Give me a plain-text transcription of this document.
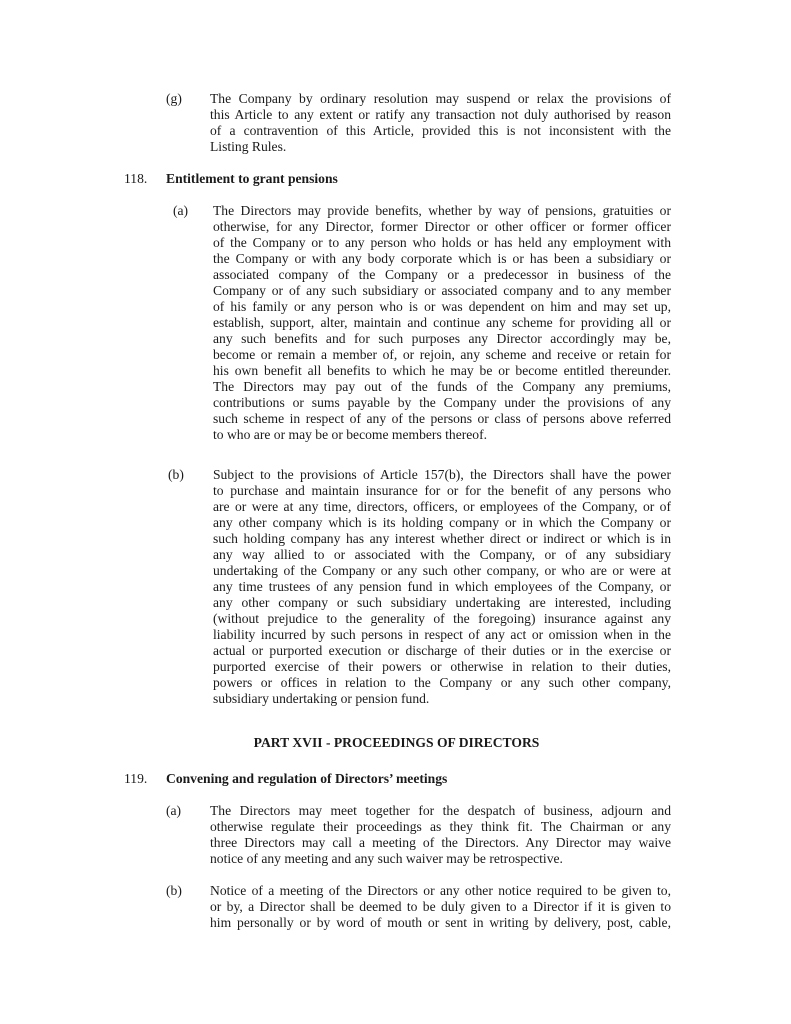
(g) The Company by ordinary resolution may suspend or relax the provisions of
this Article to any extent or ratify any transaction not duly authorised by reason
of a contravention of this Article, provided this is not inconsistent with the
Listing Rules.
118. Entitlement to grant pensions
(a) The Directors may provide benefits, whether by way of pensions, gratuities or
otherwise, for any Director, former Director or other officer or former officer
of the Company or to any person who holds or has held any employment with
the Company or with any body corporate which is or has been a subsidiary or
associated company of the Company or a predecessor in business of the
Company or of any such subsidiary or associated company and to any member
of his family or any person who is or was dependent on him and may set up,
establish, support, alter, maintain and continue any scheme for providing all or
any such benefits and for such purposes any Director accordingly may be,
become or remain a member of, or rejoin, any scheme and receive or retain for
his own benefit all benefits to which he may be or become entitled thereunder.
The Directors may pay out of the funds of the Company any premiums,
contributions or sums payable by the Company under the provisions of any
such scheme in respect of any of the persons or class of persons above referred
to who are or may be or become members thereof.
(b) Subject to the provisions of Article 157(b), the Directors shall have the power
to purchase and maintain insurance for or for the benefit of any persons who
are or were at any time, directors, officers, or employees of the Company, or of
any other company which is its holding company or in which the Company or
such holding company has any interest whether direct or indirect or which is in
any way allied to or associated with the Company, or of any subsidiary
undertaking of the Company or any such other company, or who are or were at
any time trustees of any pension fund in which employees of the Company, or
any other company or such subsidiary undertaking are interested, including
(without prejudice to the generality of the foregoing) insurance against any
liability incurred by such persons in respect of any act or omission when in the
actual or purported execution or discharge of their duties or in the exercise or
purported exercise of their powers or otherwise in relation to their duties,
powers or offices in relation to the Company or any such other company,
subsidiary undertaking or pension fund.
PART XVII - PROCEEDINGS OF DIRECTORS
119. Convening and regulation of Directors’ meetings
(a) The Directors may meet together for the despatch of business, adjourn and
otherwise regulate their proceedings as they think fit. The Chairman or any
three Directors may call a meeting of the Directors. Any Director may waive
notice of any meeting and any such waiver may be retrospective.
(b) Notice of a meeting of the Directors or any other notice required to be given to,
or by, a Director shall be deemed to be duly given to a Director if it is given to
him personally or by word of mouth or sent in writing by delivery, post, cable,
